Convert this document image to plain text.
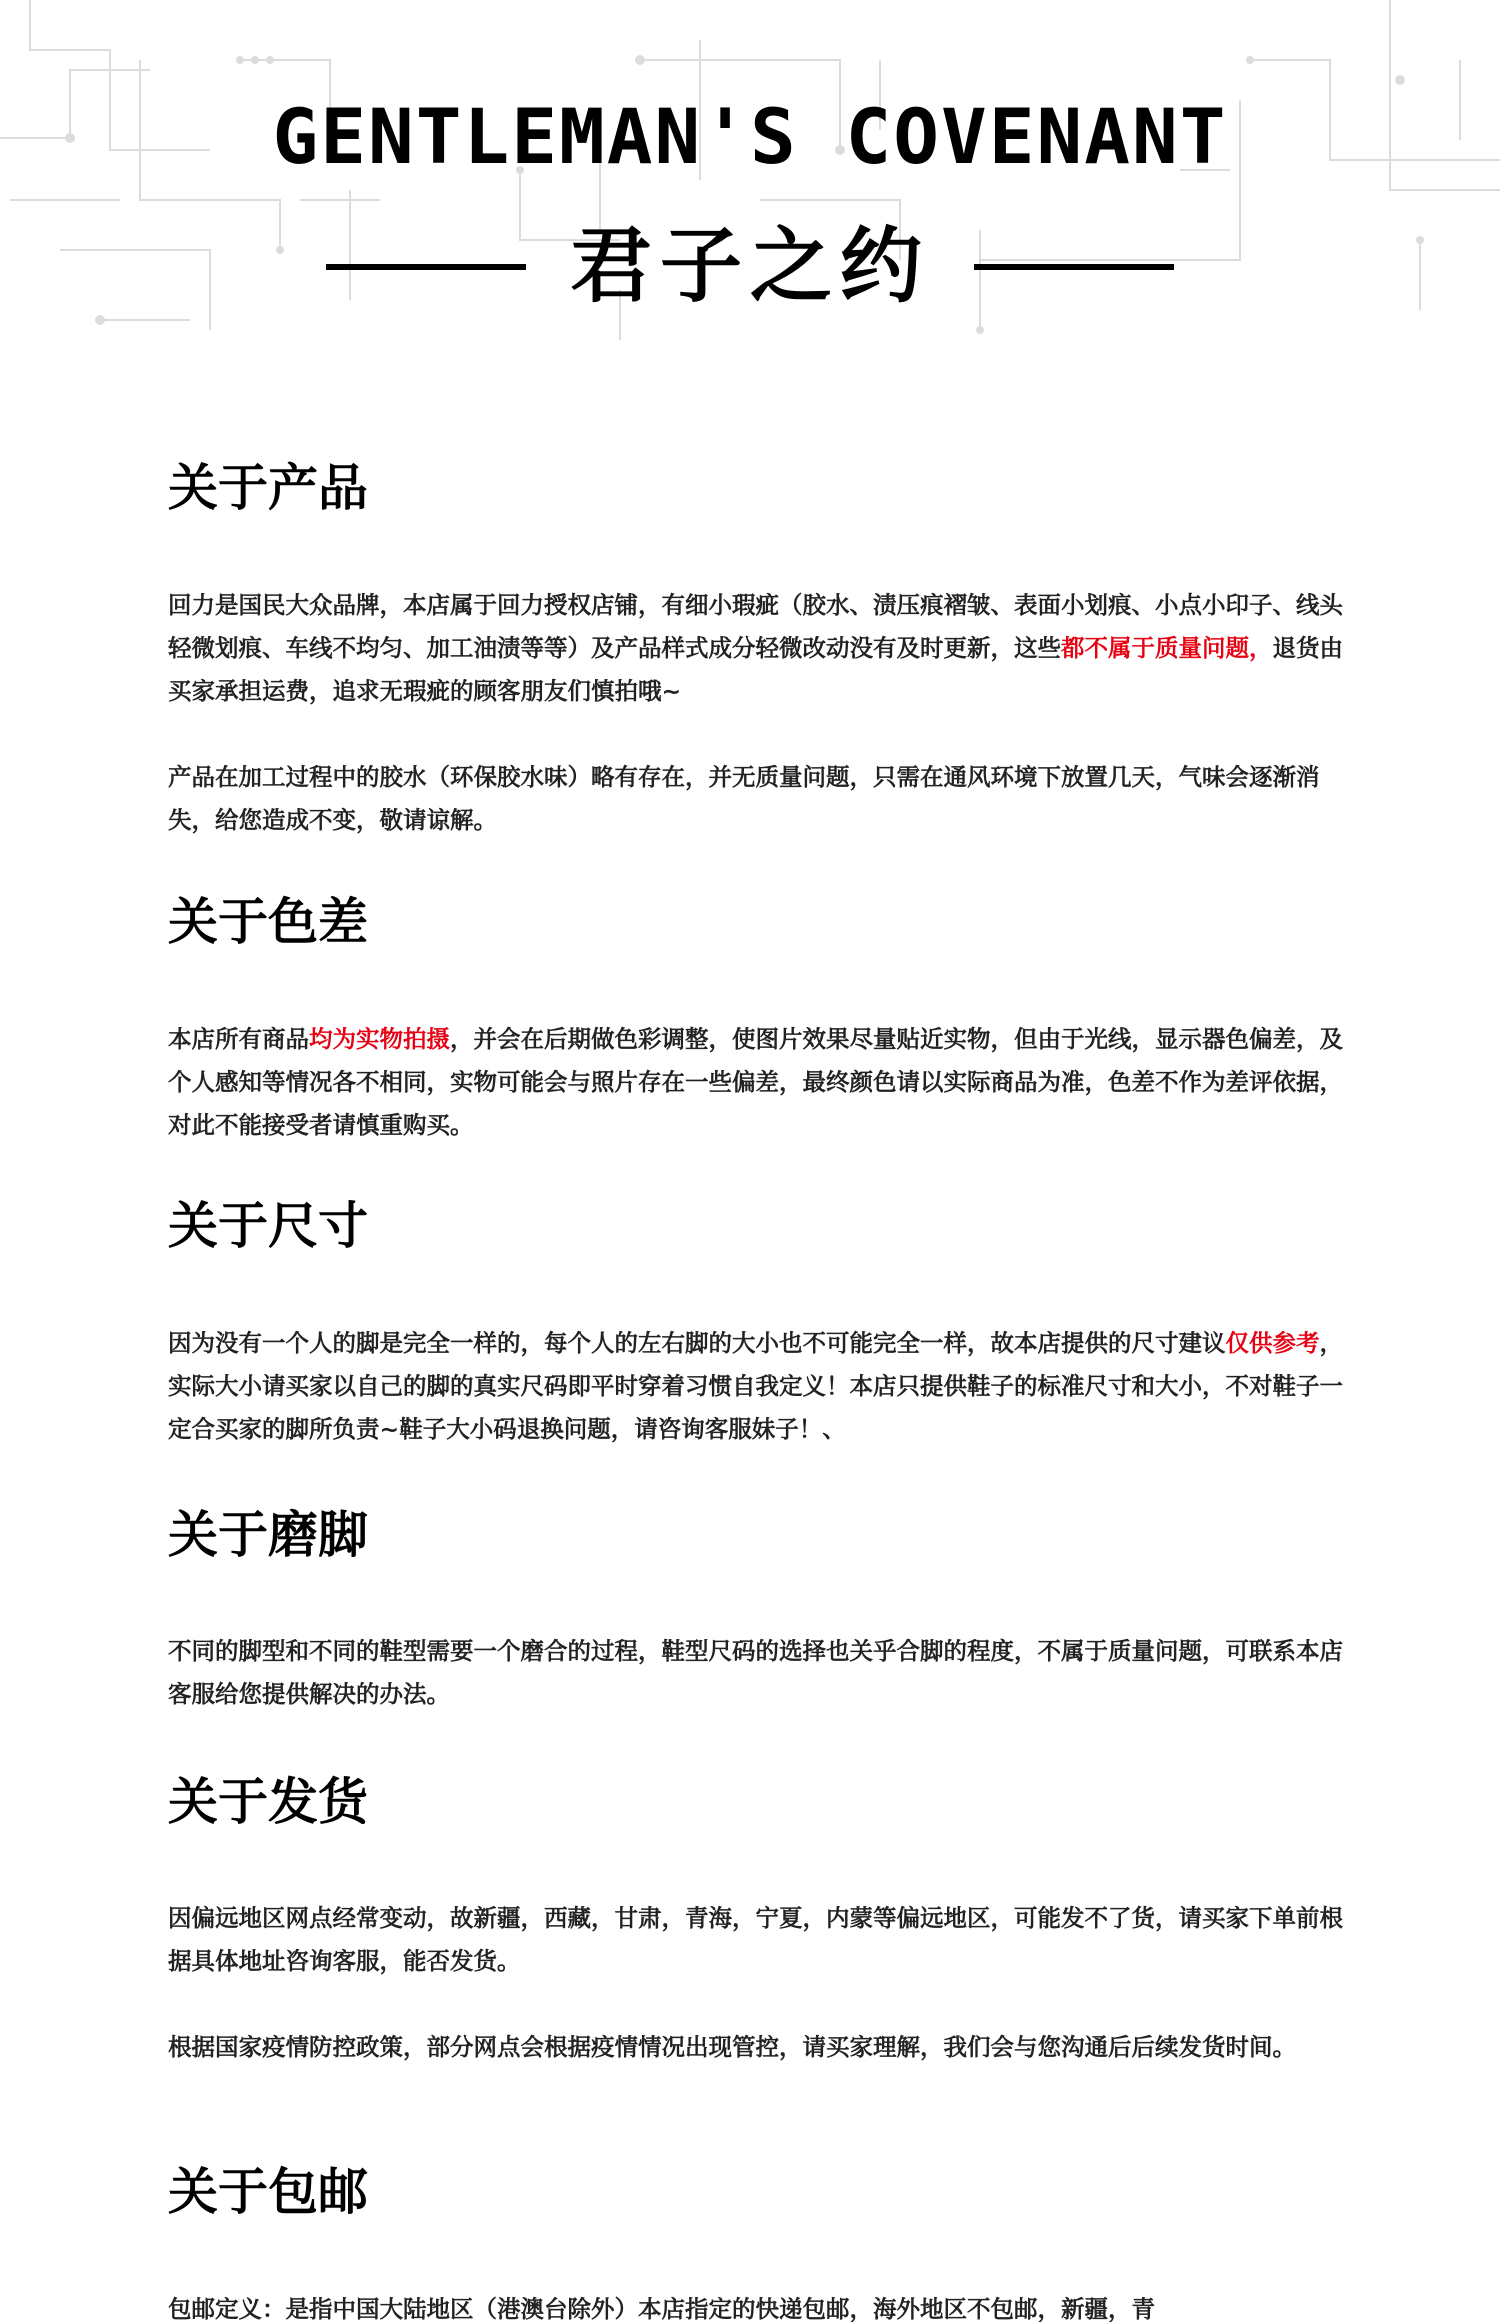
GENTLEMAN'S COVENANT
君子之约
关于产品
回力是国民大众品牌，本店属于回力授权店铺，有细小瑕疵（胶水、渍压痕褶皱、表面小划痕、小点小印子、线头轻微划痕、车线不均匀、加工油渍等等）及产品样式成分轻微改动没有及时更新，这些都不属于质量问题，退货由买家承担运费，追求无瑕疵的顾客朋友们慎拍哦~
产品在加工过程中的胶水（环保胶水味）略有存在，并无质量问题，只需在通风环境下放置几天，气味会逐渐消失，给您造成不变，敬请谅解。
关于色差
本店所有商品均为实物拍摄，并会在后期做色彩调整，使图片效果尽量贴近实物，但由于光线，显示器色偏差，及个人感知等情况各不相同，实物可能会与照片存在一些偏差，最终颜色请以实际商品为准，色差不作为差评依据，对此不能接受者请慎重购买。
关于尺寸
因为没有一个人的脚是完全一样的，每个人的左右脚的大小也不可能完全一样，故本店提供的尺寸建议仅供参考，实际大小请买家以自己的脚的真实尺码即平时穿着习惯自我定义！本店只提供鞋子的标准尺寸和大小，不对鞋子一定合买家的脚所负责~鞋子大小码退换问题，请咨询客服妹子！、
关于磨脚
不同的脚型和不同的鞋型需要一个磨合的过程，鞋型尺码的选择也关乎合脚的程度，不属于质量问题，可联系本店客服给您提供解决的办法。
关于发货
因偏远地区网点经常变动，故新疆，西藏，甘肃，青海，宁夏，内蒙等偏远地区，可能发不了货，请买家下单前根据具体地址咨询客服，能否发货。
根据国家疫情防控政策，部分网点会根据疫情情况出现管控，请买家理解，我们会与您沟通后后续发货时间。
关于包邮
包邮定义：是指中国大陆地区（港澳台除外）本店指定的快递包邮，海外地区不包邮，新疆，青
